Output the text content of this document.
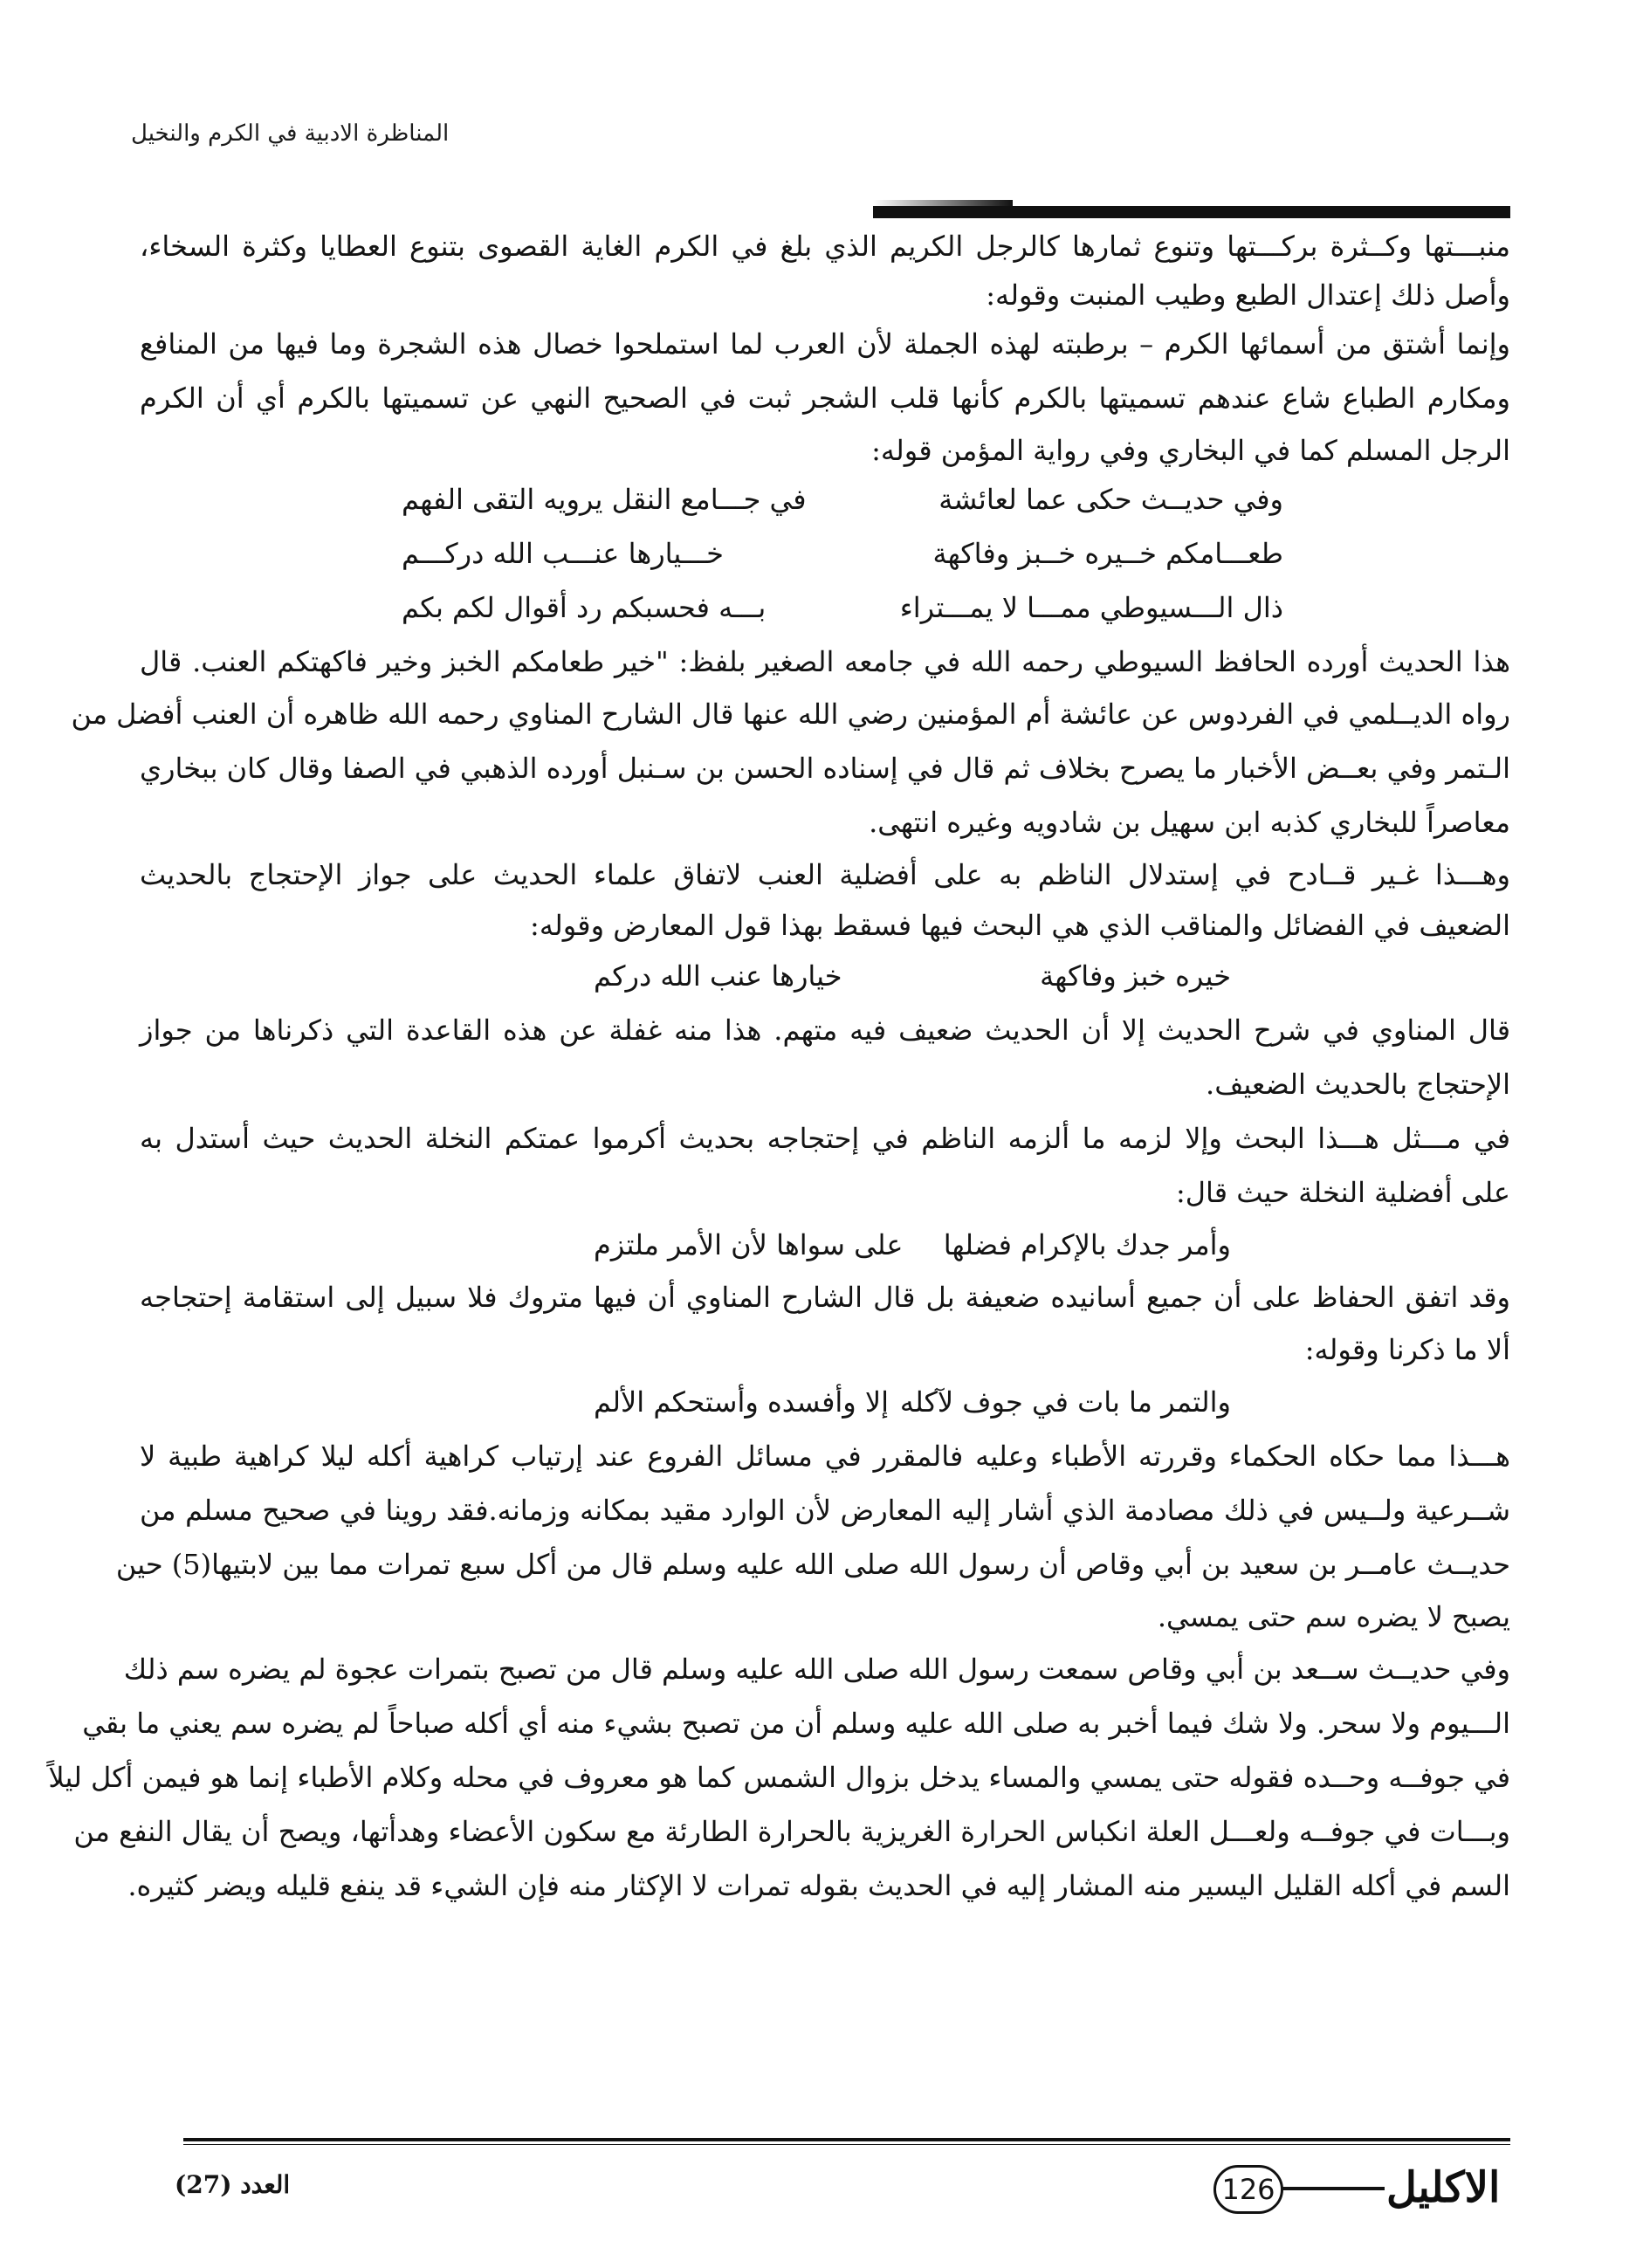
المناظرة الادبية في الكرم والنخيل
منبـــتها وكــثرة بركـــتها وتنوع ثمارها كالرجل الكريم الذي بلغ في الكرم الغاية القصوى بتنوع العطايا وكثرة السخاء،
وأصل ذلك إعتدال الطبع وطيب المنبت وقوله:
وإنما أشتق من أسمائها الكرم – برطبته لهذه الجملة لأن العرب لما استملحوا خصال هذه الشجرة وما فيها من المنافع
ومكارم الطباع شاع عندهم تسميتها بالكرم كأنها قلب الشجر ثبت في الصحيح النهي عن تسميتها بالكرم أي أن الكرم
الرجل المسلم كما في البخاري وفي رواية المؤمن قوله:
وفي حديــث حكى عما لعائشة
في جـــامع النقل يرويه التقى الفهم
طعـــامكم خــيره خــبز وفاكهة
خـــيارها عنـــب الله دركـــم
ذال الـــسيوطي ممـــا لا يمـــتراء
بـــه فحسبكم رد أقوال لكم بكم
هذا الحديث أورده الحافظ السيوطي رحمه الله في جامعه الصغير بلفظ: "خير طعامكم الخبز وخير فاكهتكم العنب. قال
رواه الديــلمي في الفردوس عن عائشة أم المؤمنين رضي الله عنها قال الشارح المناوي رحمه الله ظاهره أن العنب أفضل من
الـتمر وفي بعــض الأخبار ما يصرح بخلاف ثم قال في إسناده الحسن بن سـنبل أورده الذهبي في الصفا وقال كان ببخاري
معاصراً للبخاري كذبه ابن سهيل بن شادويه وغيره انتهى.
وهـــذا غـير قــادح في إستدلال الناظم به على أفضلية العنب لاتفاق علماء الحديث على جواز الإحتجاج بالحديث
الضعيف في الفضائل والمناقب الذي هي البحث فيها فسقط بهذا قول المعارض وقوله:
خيره خبز وفاكهة
خيارها عنب الله دركم
قال المناوي في شرح الحديث إلا أن الحديث ضعيف فيه متهم. هذا منه غفلة عن هذه القاعدة التي ذكرناها من جواز
الإحتجاج بالحديث الضعيف.
في مـــثل هـــذا البحث وإلا لزمه ما ألزمه الناظم في إحتجاجه بحديث أكرموا عمتكم النخلة الحديث حيث أستدل به
على أفضلية النخلة حيث قال:
وأمر جدك بالإكرام فضلها
على سواها لأن الأمر ملتزم
وقد اتفق الحفاظ على أن جميع أسانيده ضعيفة بل قال الشارح المناوي أن فيها متروك فلا سبيل إلى استقامة إحتجاجه
ألا ما ذكرنا وقوله:
والتمر ما بات في جوف لآكله
إلا وأفسده وأستحكم الألم
هـــذا مما حكاه الحكماء وقررته الأطباء وعليه فالمقرر في مسائل الفروع عند إرتياب كراهية أكله ليلا كراهية طبية لا
شــرعية ولــيس في ذلك مصادمة الذي أشار إليه المعارض لأن الوارد مقيد بمكانه وزمانه.فقد روينا في صحيح مسلم من
حديــث عامــر بن سعيد بن أبي وقاص أن رسول الله صلى الله عليه وسلم قال من أكل سبع تمرات مما بين لابتيها(5) حين
يصبح لا يضره سم حتى يمسي.
وفي حديــث ســعد بن أبي وقاص سمعت رسول الله صلى الله عليه وسلم قال من تصبح بتمرات عجوة لم يضره سم ذلك
الـــيوم ولا سحر. ولا شك فيما أخبر به صلى الله عليه وسلم أن من تصبح بشيء منه أي أكله صباحاً لم يضره سم يعني ما بقي
في جوفــه وحــده فقوله حتى يمسي والمساء يدخل بزوال الشمس كما هو معروف في محله وكلام الأطباء إنما هو فيمن أكل ليلاً
وبـــات في جوفــه ولعـــل العلة انكباس الحرارة الغريزية بالحرارة الطارئة مع سكون الأعضاء وهدأتها، ويصح أن يقال النفع من
السم في أكله القليل اليسير منه المشار إليه في الحديث بقوله تمرات لا الإكثار منه فإن الشيء قد ينفع قليله ويضر كثيره.
الاكليل
126
العدد (27)
